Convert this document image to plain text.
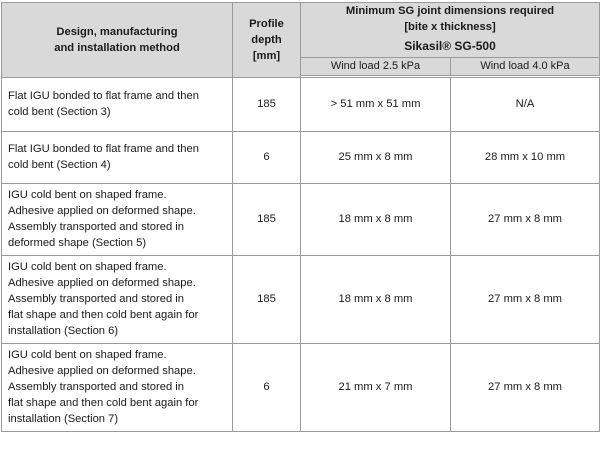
Design, manufacturing
and installation method	Profile
depth
[mm]	Minimum SG joint dimensions required
[bite x thickness]	

		Sikasil® SG-500	
		Wind load 2.5 kPa	Wind load 4.0 kPa

Flat IGU bonded to flat frame and then
cold bent (Section 3)	185	> 51 mm x 51 mm	N/A

Flat IGU bonded to flat frame and then
cold bent (Section 4)	6	25 mm x 8 mm	28 mm x 10 mm

IGU cold bent on shaped frame.
Adhesive applied on deformed shape.
Assembly transported and stored in
deformed shape (Section 5)	185	18 mm x 8 mm	27 mm x 8 mm

IGU cold bent on shaped frame.
Adhesive applied on deformed shape.
Assembly transported and stored in
flat shape and then cold bent again for
installation (Section 6)	185	18 mm x 8 mm	27 mm x 8 mm

IGU cold bent on shaped frame.
Adhesive applied on deformed shape.
Assembly transported and stored in
flat shape and then cold bent again for
installation (Section 7)	6	21 mm x 7 mm	27 mm x 8 mm
